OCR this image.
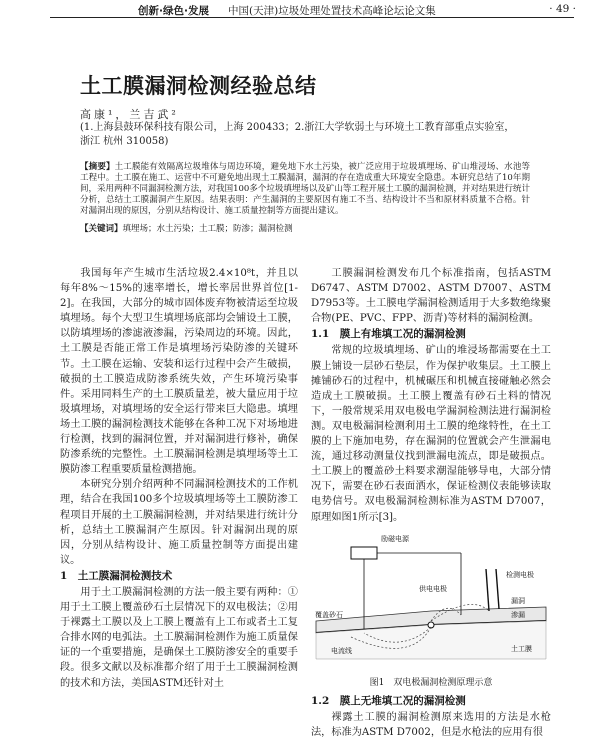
创新·绿色·发展 中国(天津)垃圾处理处置技术高峰论坛论文集	· 49 ·
土工膜漏洞检测经验总结
高康¹，兰吉武²
(1.上海县鼓环保科技有限公司，上海 200433；2.浙江大学软弱土与环境土工教育部重点实验室，
浙江 杭州 310058)
【摘要】土工膜能有效隔离垃圾堆体与周边环境，避免地下水土污染，被广泛应用于垃圾填埋场、矿山堆浸场、水池等工程中。土工膜在施工、运营中不可避免地出现土工膜漏洞，漏洞的存在造成重大环境安全隐患。本研究总结了10年期间，采用两种不同漏洞检测方法，对我国100多个垃圾填埋场以及矿山等工程开展土工膜的漏洞检测，并对结果进行统计分析，总结土工膜漏洞产生原因。结果表明：产生漏洞的主要原因有施工不当、结构设计不当和原材料质量不合格。针对漏洞出现的原因，分别从结构设计、施工质量控制等方面提出建议。
【关键词】填埋场；水土污染；土工膜；防渗；漏洞检测

我国每年产生城市生活垃圾2.4×10⁸t，并且以每年8%～15%的速率增长，增长率居世界首位[1-2]。在我国，大部分的城市固体废弃物被清运至垃圾填埋场。每个大型卫生填埋场底部均会铺设土工膜，以防填埋场的渗滤液渗漏，污染周边的环境。因此，土工膜是否能正常工作是填埋场污染防渗的关键环节。土工膜在运输、安装和运行过程中会产生破损，破损的土工膜造成防渗系统失效，产生环境污染事件。采用同料生产的土工膜质量差，被大量应用于垃圾填埋场，对填埋场的安全运行带来巨大隐患。填埋场土工膜的漏洞检测技术能够在各种工况下对场地进行检测，找到的漏洞位置，并对漏洞进行修补，确保防渗系统的完整性。土工膜漏洞检测是填埋场等土工膜防渗工程重要质量检测措施。

本研究分别介绍两种不同漏洞检测技术的工作机理，结合在我国100多个垃圾填埋场等土工膜防渗工程项目开展的土工膜漏洞检测，并对结果进行统计分析，总结土工膜漏洞产生原因。针对漏洞出现的原因，分别从结构设计、施工质量控制等方面提出建议。

1　土工膜漏洞检测技术

用于土工膜漏洞检测的方法一般主要有两种：①用于土工膜上覆盖砂石土层情况下的双电极法；②用于裸露土工膜以及上工膜上覆盖有上工布或者土工复合排水网的电弧法。土工膜漏洞检测作为施工质量保证的一个重要措施，是确保土工膜防渗安全的重要手段。很多文献以及标准都介绍了用于土工膜漏洞检测的技术和方法，美国ASTM还针对土

工膜漏洞检测发布几个标准指南，包括ASTM D6747、ASTM D7002、ASTM D7007、ASTM D7953等。土工膜电学漏洞检测适用于大多数绝缘聚合物(PE、PVC、FPP、沥青)等材料的漏洞检测。

1.1　膜上有堆填工况的漏洞检测

常规的垃圾填埋场、矿山的堆浸场都需要在土工膜上铺设一层砂石垫层，作为保护收集层。土工膜上摊铺砂石的过程中，机械碾压和机械直接碰触必然会造成土工膜破损。土工膜上覆盖有砂石土料的情况下，一般常规采用双电极电学漏洞检测法进行漏洞检测。双电极漏洞检测利用土工膜的绝缘特性，在土工膜的上下施加电势，存在漏洞的位置就会产生泄漏电流，通过移动测量仪找到泄漏电流点，即是破损点。土工膜上的覆盖砂土料要求潮湿能够导电，大部分情况下，需要在砂石表面洒水，保证检测仪表能够读取电势信号。双电极漏洞检测标准为ASTM D7007，原理如图1所示[3]。

励磁电源
检测电极
供电电极
覆盖砂石
漏洞
渗漏
电流线	土工膜
图1　双电极漏洞检测原理示意
1.2　膜上无堆填工况的漏洞检测

裸露土工膜的漏洞检测原来选用的方法是水枪法，标准为ASTM D7002，但是水枪法的应用有很
